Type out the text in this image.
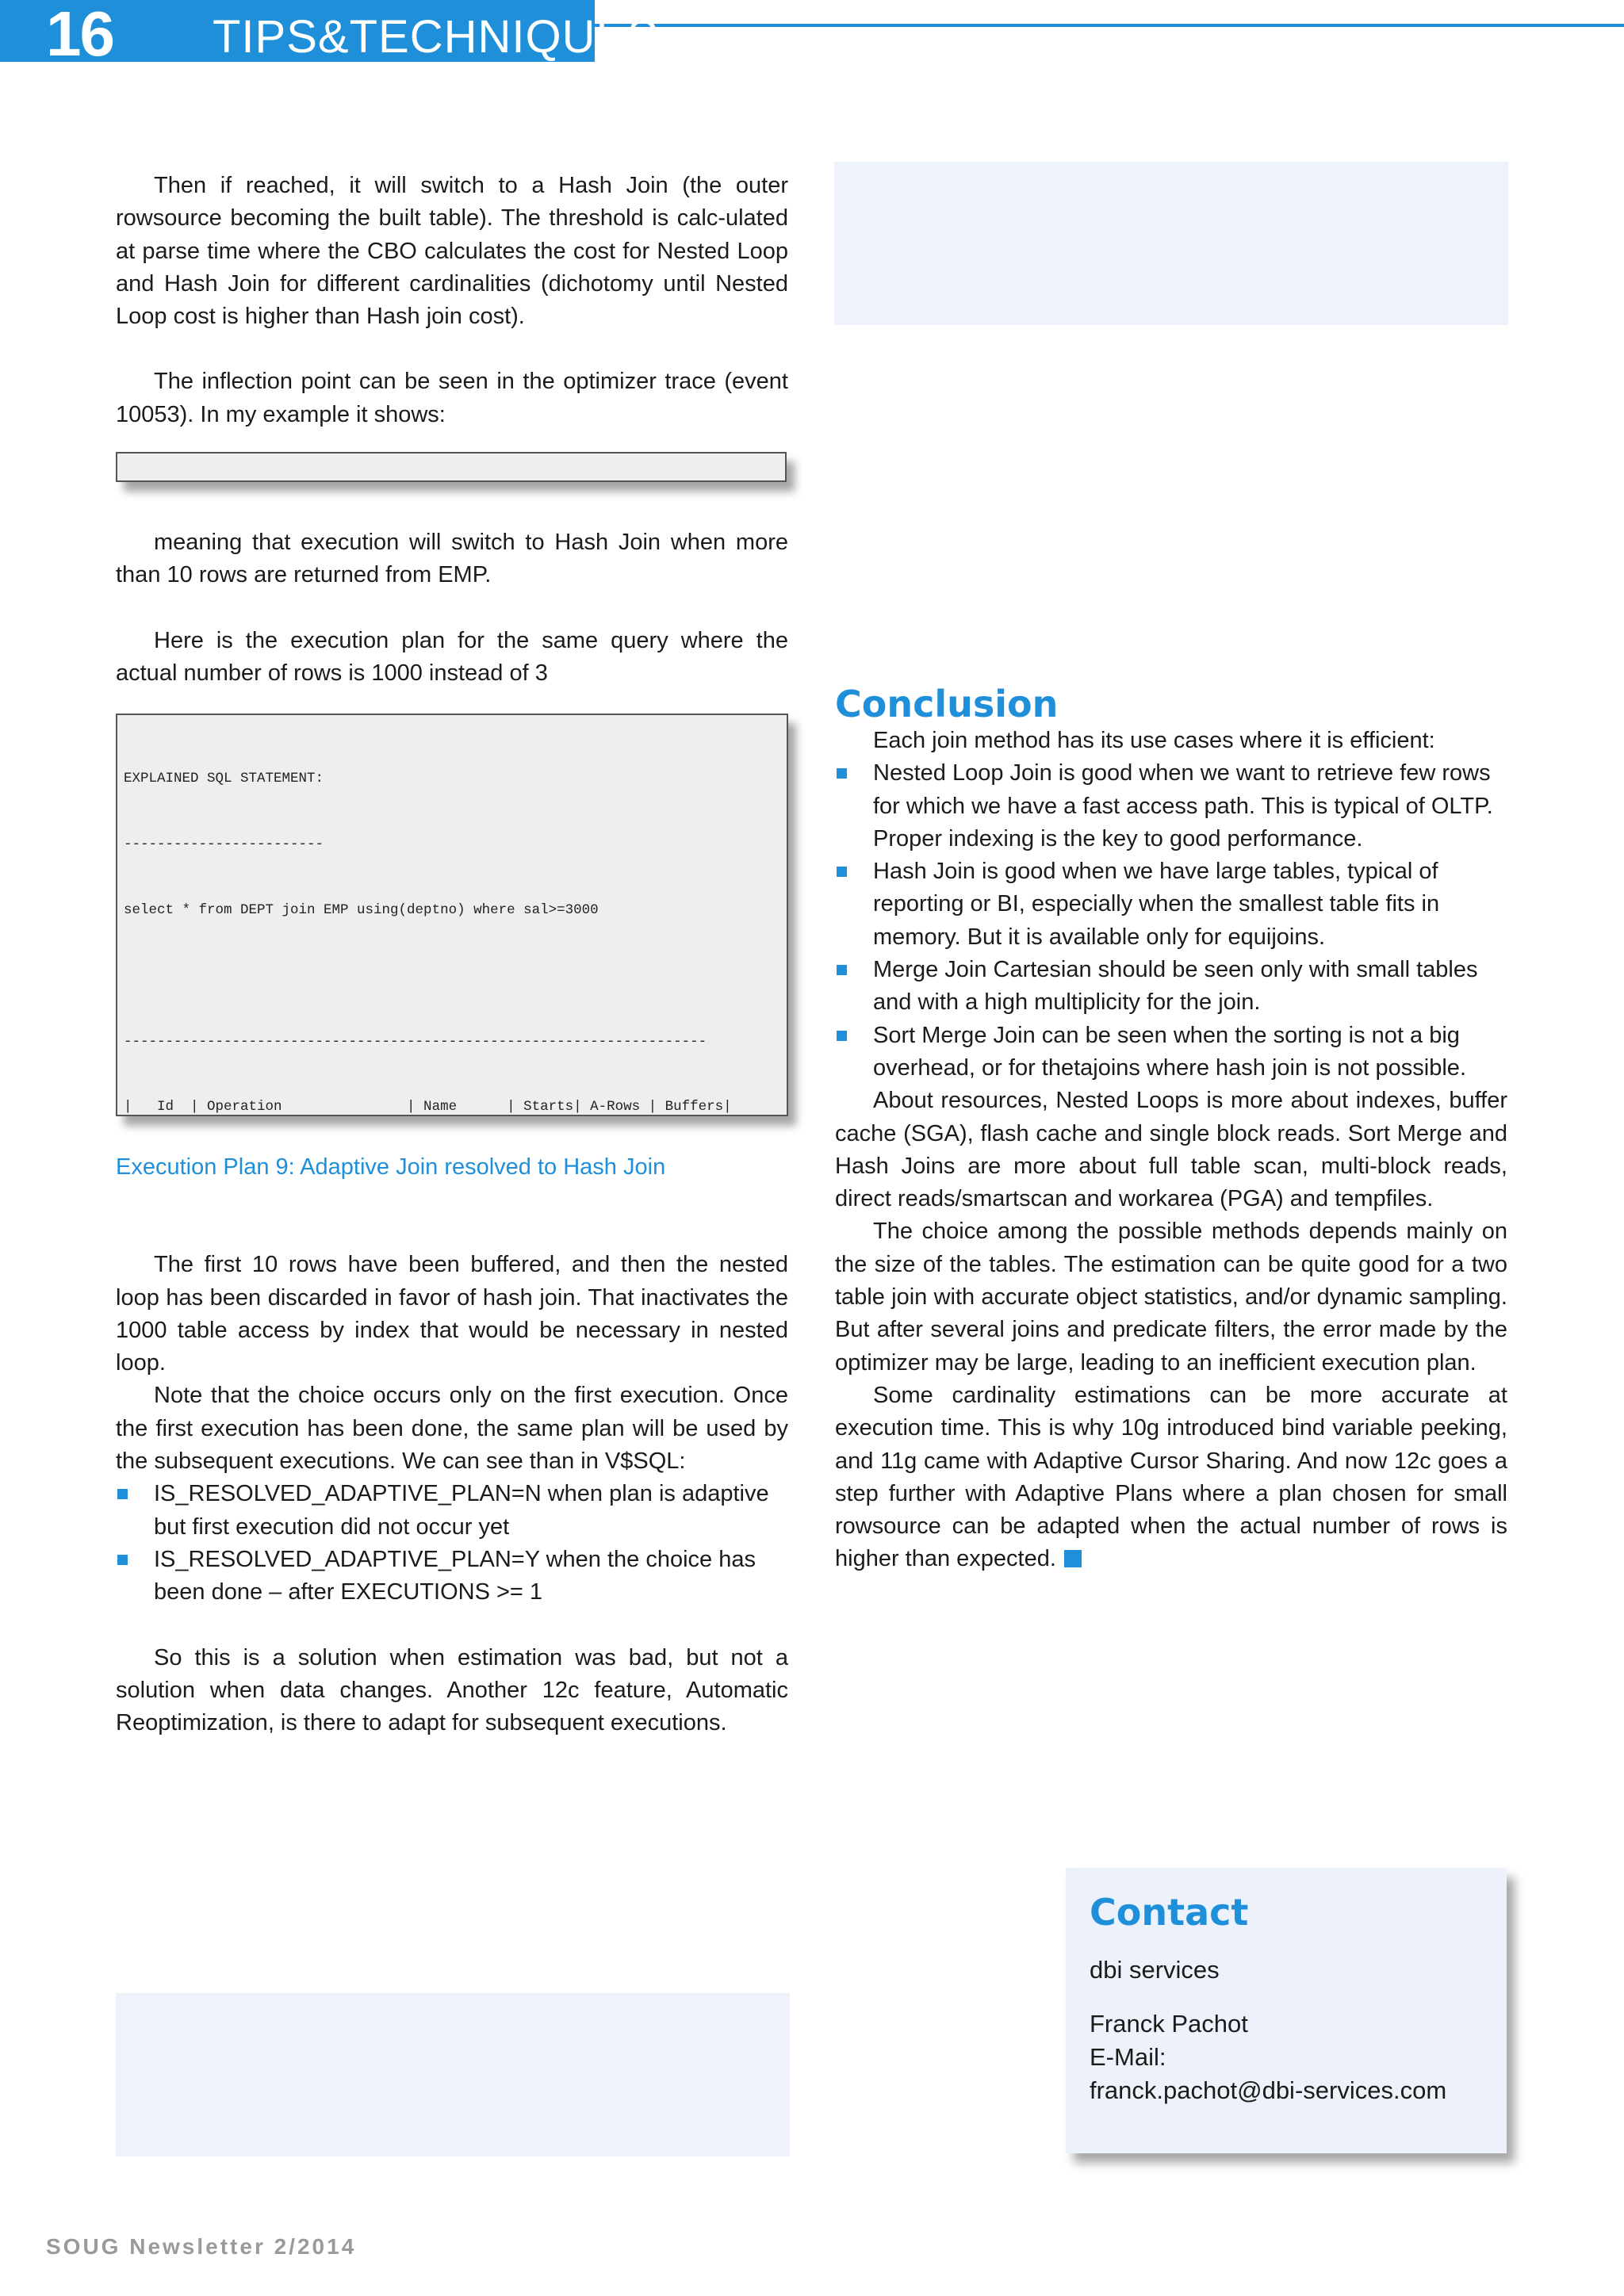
16 TIPS&TECHNIQUES

Then if reached, it will switch to a Hash Join (the outer rowsource becoming the built table). The threshold is calc-ulated at parse time where the CBO calculates the cost for Nested Loop and Hash Join for different cardinalities (dichotomy until Nested Loop cost is higher than Hash join cost).

The inflection point can be seen in the optimizer trace (event 10053). In my example it shows:

meaning that execution will switch to Hash Join when more than 10 rows are returned from EMP.

Here is the execution plan for the same query where the actual number of rows is 1000 instead of 3

EXPLAINED SQL STATEMENT:

------------------------

select * from DEPT join EMP using(deptno) where sal>=3000

----------------------------------------------------------------------

|   Id  | Operation               | Name      | Starts| A-Rows | Buffers|

Execution Plan 9: Adaptive Join resolved to Hash Join

The first 10 rows have been buffered, and then the nested loop has been discarded in favor of hash join. That inactivates the 1000 table access by index that would be necessary in nested loop.

Note that the choice occurs only on the first execution. Once the first execution has been done, the same plan will be used by the subsequent executions. We can see than in V$SQL:

IS_RESOLVED_ADAPTIVE_PLAN=N when plan is adaptive but first execution did not occur yet
IS_RESOLVED_ADAPTIVE_PLAN=Y when the choice has been done – after EXECUTIONS >= 1

So this is a solution when estimation was bad, but not a solution when data changes. Another 12c feature, Automatic Reoptimization, is there to adapt for subsequent executions.

Conclusion

Each join method has its use cases where it is efficient:

Nested Loop Join is good when we want to retrieve few rows for which we have a fast access path. This is typical of OLTP. Proper indexing is the key to good performance.
Hash Join is good when we have large tables, typical of reporting or BI, especially when the smallest table fits in memory. But it is available only for equijoins.
Merge Join Cartesian should be seen only with small tables and with a high multiplicity for the join.
Sort Merge Join can be seen when the sorting is not a big overhead, or for thetajoins where hash join is not possible.

About resources, Nested Loops is more about indexes, buffer cache (SGA), flash cache and single block reads. Sort Merge and Hash Joins are more about full table scan, multi-block reads, direct reads/smartscan and workarea (PGA) and tempfiles.

The choice among the possible methods depends mainly on the size of the tables. The estimation can be quite good for a two table join with accurate object statistics, and/or dynamic sampling. But after several joins and predicate filters, the error made by the optimizer may be large, leading to an inefficient execution plan.

Some cardinality estimations can be more accurate at execution time. This is why 10g introduced bind variable peeking, and 11g came with Adaptive Cursor Sharing. And now 12c goes a step further with Adaptive Plans where a plan chosen for small rowsource can be adapted when the actual number of rows is higher than expected.

Contact
dbi services
Franck Pachot
E-Mail:
franck.pachot@dbi-services.com
SOUG Newsletter 2/2014
